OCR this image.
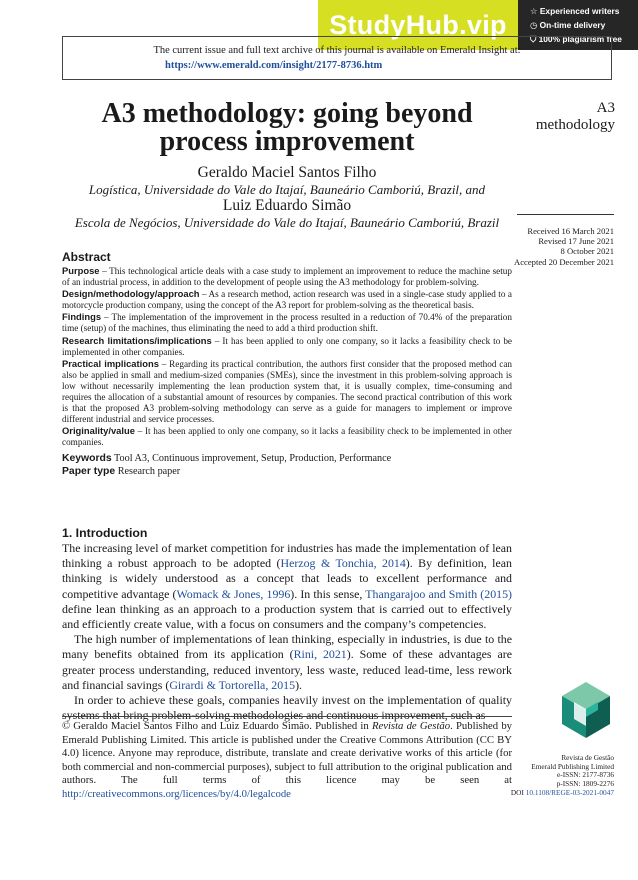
StudyHub.vip	☆ Experienced writers
◷ On-time delivery
⛉ 100% plagiarism free
The current issue and full text archive of this journal is available on Emerald Insight at:
https://www.emerald.com/insight/2177-8736.htm
A3
methodology
A3 methodology: going beyond
process improvement
Geraldo Maciel Santos Filho
Logística, Universidade do Vale do Itajaí, Bauneário Camboriú, Brazil, and
Luiz Eduardo Simão
Escola de Negócios, Universidade do Vale do Itajaí, Bauneário Camboriú, Brazil
Received 16 March 2021
Revised 17 June 2021
8 October 2021
Accepted 20 December 2021
Abstract

Purpose – This technological article deals with a case study to implement an improvement to reduce the machine setup of an industrial process, in addition to the development of people using the A3 methodology for problem-solving.

Design/methodology/approach – As a research method, action research was used in a single-case study applied to a motorcycle production company, using the concept of the A3 report for problem-solving as the theoretical basis.

Findings – The implementation of the improvement in the process resulted in a reduction of 70.4% of the preparation time (setup) of the machines, thus eliminating the need to add a third production shift.

Research limitations/implications – It has been applied to only one company, so it lacks a feasibility check to be implemented in other companies.

Practical implications – Regarding its practical contribution, the authors first consider that the proposed method can also be applied in small and medium-sized companies (SMEs), since the investment in this problem-solving approach is low without necessarily implementing the lean production system that, it is usually complex, time-consuming and requires the allocation of a substantial amount of resources by companies. The second practical contribution of this work is that the proposed A3 problem-solving methodology can serve as a guide for managers to implement or improve different industrial and service processes.

Originality/value – It has been applied to only one company, so it lacks a feasibility check to be implemented in other companies.

Keywords Tool A3, Continuous improvement, Setup, Production, Performance

Paper type Research paper

1. Introduction

The increasing level of market competition for industries has made the implementation of lean thinking a robust approach to be adopted (Herzog & Tonchia, 2014). By definition, lean thinking is widely understood as a concept that leads to excellent performance and competitive advantage (Womack & Jones, 1996). In this sense, Thangarajoo and Smith (2015) define lean thinking as an approach to a production system that is carried out to effectively and efficiently create value, with a focus on consumers and the company’s competencies.

The high number of implementations of lean thinking, especially in industries, is due to the many benefits obtained from its application (Rini, 2021). Some of these advantages are greater process understanding, reduced inventory, less waste, reduced lead-time, less rework and financial savings (Girardi & Tortorella, 2015).

In order to achieve these goals, companies heavily invest on the implementation of quality

© Geraldo Maciel Santos Filho and Luiz Eduardo Simão. Published in Revista de Gestão. Published by Emerald Publishing Limited. This article is published under the Creative Commons Attribution (CC BY 4.0) licence. Anyone may reproduce, distribute, translate and create derivative works of this article (for both commercial and non-commercial purposes), subject to full attribution to the original publication and authors. The full terms of this licence may be seen at http://creativecommons.org/licences/by/4.0/legalcode
Revista de Gestão
Emerald Publishing Limited
e-ISSN: 2177-8736
p-ISSN: 1809-2276
DOI 10.1108/REGE-03-2021-0047
